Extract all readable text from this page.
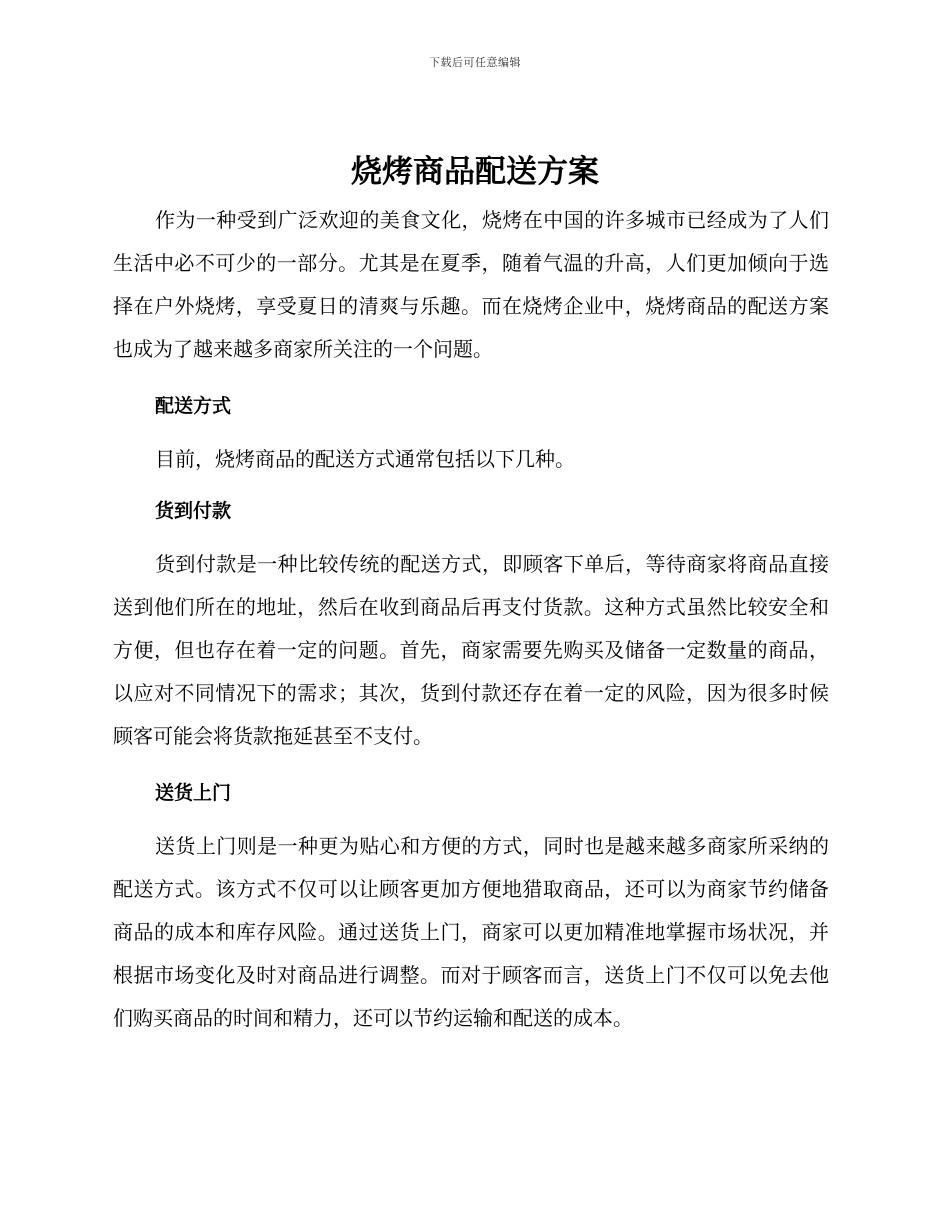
下载后可任意编辑
烧烤商品配送方案

作为一种受到广泛欢迎的美食文化，烧烤在中国的许多城市已经成为了人们生活中必不可少的一部分。尤其是在夏季，随着气温的升高，人们更加倾向于选择在户外烧烤，享受夏日的清爽与乐趣。而在烧烤企业中，烧烤商品的配送方案也成为了越来越多商家所关注的一个问题。

配送方式

目前，烧烤商品的配送方式通常包括以下几种。

货到付款

货到付款是一种比较传统的配送方式，即顾客下单后，等待商家将商品直接送到他们所在的地址，然后在收到商品后再支付货款。这种方式虽然比较安全和方便，但也存在着一定的问题。首先，商家需要先购买及储备一定数量的商品，以应对不同情况下的需求；其次，货到付款还存在着一定的风险，因为很多时候顾客可能会将货款拖延甚至不支付。

送货上门

送货上门则是一种更为贴心和方便的方式，同时也是越来越多商家所采纳的配送方式。该方式不仅可以让顾客更加方便地猎取商品，还可以为商家节约储备商品的成本和库存风险。通过送货上门，商家可以更加精准地掌握市场状况，并根据市场变化及时对商品进行调整。而对于顾客而言，送货上门不仅可以免去他们购买商品的时间和精力，还可以节约运输和配送的成本。
